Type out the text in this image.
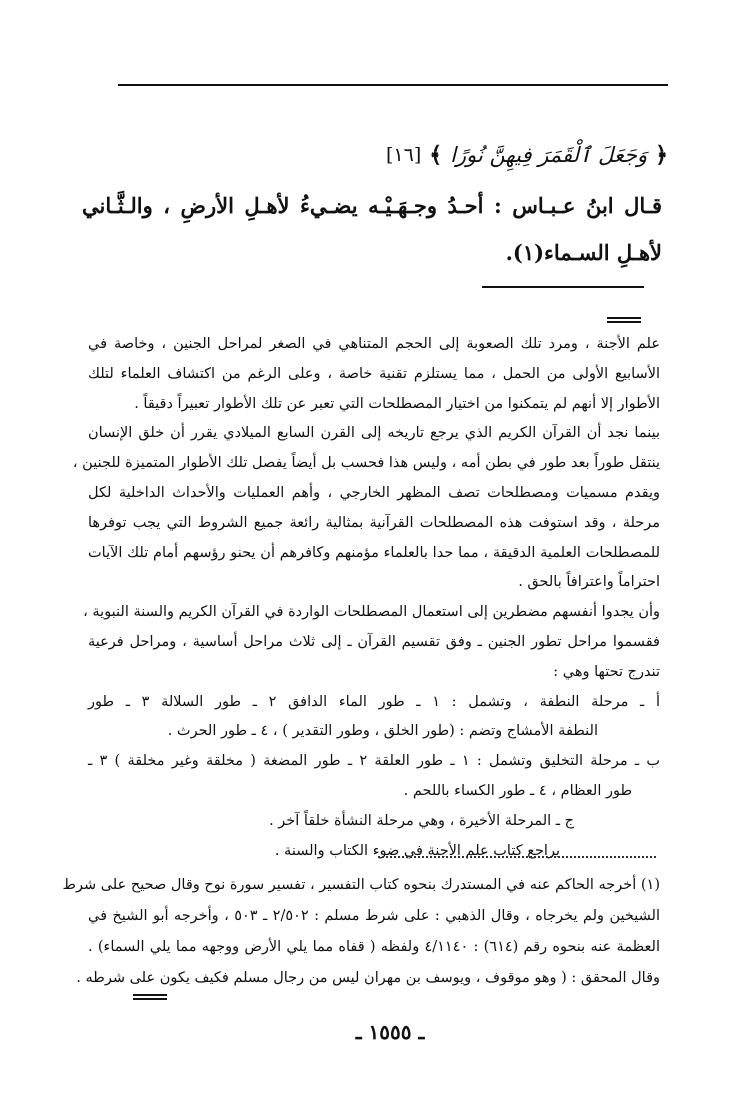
﴿
وَجَعَلَ ٱلْقَمَرَ فِيهِنَّ نُورًا
﴾
[١٦]
قـال ابنُ عـبـاس : أحـدُ وجـهَـيْـه يضـيءُ لأهـلِ الأرضِ ، والـثَّـاني لأهـلِ السـماء(١).

علم الأجنة ، ومرد تلك الصعوبة إلى الحجم المتناهي في الصغر لمراحل الجنين ، وخاصة في

الأسابيع الأولى من الحمل ، مما يستلزم تقنية خاصة ، وعلى الرغم من اكتشاف العلماء لتلك

الأطوار إلا أنهم لم يتمكنوا من اختيار المصطلحات التي تعبر عن تلك الأطوار تعبيراً دقيقاً .

بينما نجد أن القرآن الكريم الذي يرجع تاريخه إلى القرن السابع الميلادي يقرر أن خلق الإنسان

ينتقل طوراً بعد طور في بطن أمه ، وليس هذا فحسب بل أيضاً يفصل تلك الأطوار المتميزة للجنين ،

ويقدم مسميات ومصطلحات تصف المظهر الخارجي ، وأهم العمليات والأحداث الداخلية لكل

مرحلة ، وقد استوفت هذه المصطلحات القرآنية بمثالية رائعة جميع الشروط التي يجب توفرها

للمصطلحات العلمية الدقيقة ، مما حدا بالعلماء مؤمنهم وكافرهم أن يحنو رؤسهم أمام تلك الآيات

احتراماً واعترافاً بالحق .

وأن يجدوا أنفسهم مضطرين إلى استعمال المصطلحات الواردة في القرآن الكريم والسنة النبوية ،

فقسموا مراحل تطور الجنين ـ وفق تقسيم القرآن ـ إلى ثلاث مراحل أساسية ، ومراحل فرعية

تندرج تحتها وهي :

أ ـ مرحلة النطفة ، وتشمل : ١ ـ طور الماء الدافق ٢ ـ طور السلالة ٣ ـ طور

النطفة الأمشاج وتضم : (طور الخلق ، وطور التقدير ) ، ٤ ـ طور الحرث .

ب ـ مرحلة التخليق وتشمل : ١ ـ طور العلقة ٢ ـ طور المضغة ( مخلقة وغير مخلقة ) ٣ ـ

طور العظام ، ٤ ـ طور الكساء باللحم .

ج ـ المرحلة الأخيرة ، وهي مرحلة النشأة خلقاً آخر .

يراجع كتاب علم الأجنة في ضوء الكتاب والسنة .

(١) أخرجه الحاكم عنه في المستدرك بنحوه كتاب التفسير ، تفسير سورة نوح وقال صحيح على شرط

الشيخين ولم يخرجاه ، وقال الذهبي : على شرط مسلم : ٢/٥٠٢ ـ ٥٠٣ ، وأخرجه أبو الشيخ في

العظمة عنه بنحوه رقم (٦١٤) : ٤/١١٤٠ ولفظه ( قفاه مما يلي الأرض ووجهه مما يلي السماء) .

وقال المحقق : ( وهو موقوف ، ويوسف بن مهران ليس من رجال مسلم فكيف يكون على شرطه .

ـ ١٥٥٥ ـ
